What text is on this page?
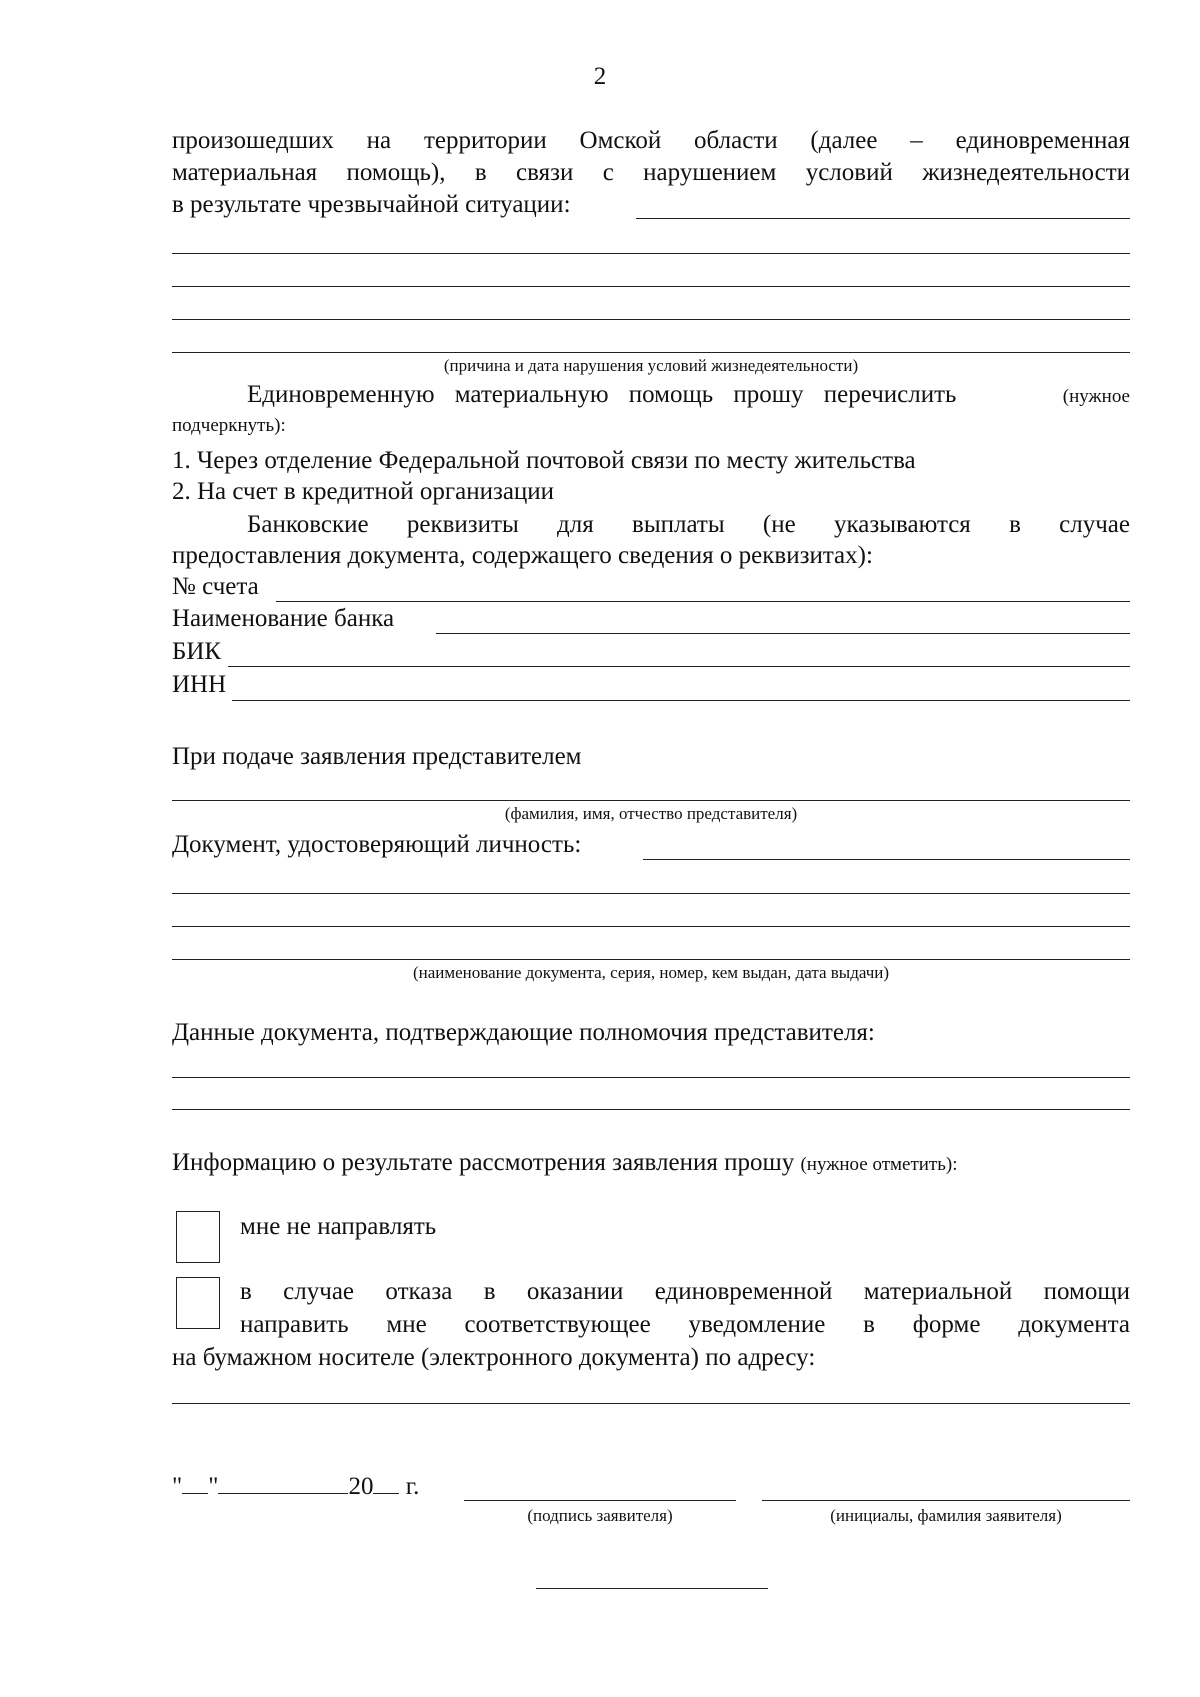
2
произошедших на территории Омской области (далее – единовременная
материальная помощь), в связи с нарушением условий жизнедеятельности
в результате чрезвычайной ситуации:
(причина и дата нарушения условий жизнедеятельности)
Единовременную материальную помощь прошу перечислить	(нужное
подчеркнуть):
1. Через отделение Федеральной почтовой связи по месту жительства
2. На счет в кредитной организации
Банковские реквизиты для выплаты (не указываются в случае
предоставления документа, содержащего сведения о реквизитах):
№ счета
Наименование банка
БИК
ИНН
При подаче заявления представителем
(фамилия, имя, отчество представителя)
Документ, удостоверяющий личность:
(наименование документа, серия, номер, кем выдан, дата выдачи)
Данные документа, подтверждающие полномочия представителя:
Информацию о результате рассмотрения заявления прошу (нужное отметить):
мне не направлять
в случае отказа в оказании единовременной материальной помощи
направить мне соответствующее уведомление в форме документа
на бумажном носителе (электронного документа) по адресу:
" "	20 г.
(подпись заявителя)	(инициалы, фамилия заявителя)
